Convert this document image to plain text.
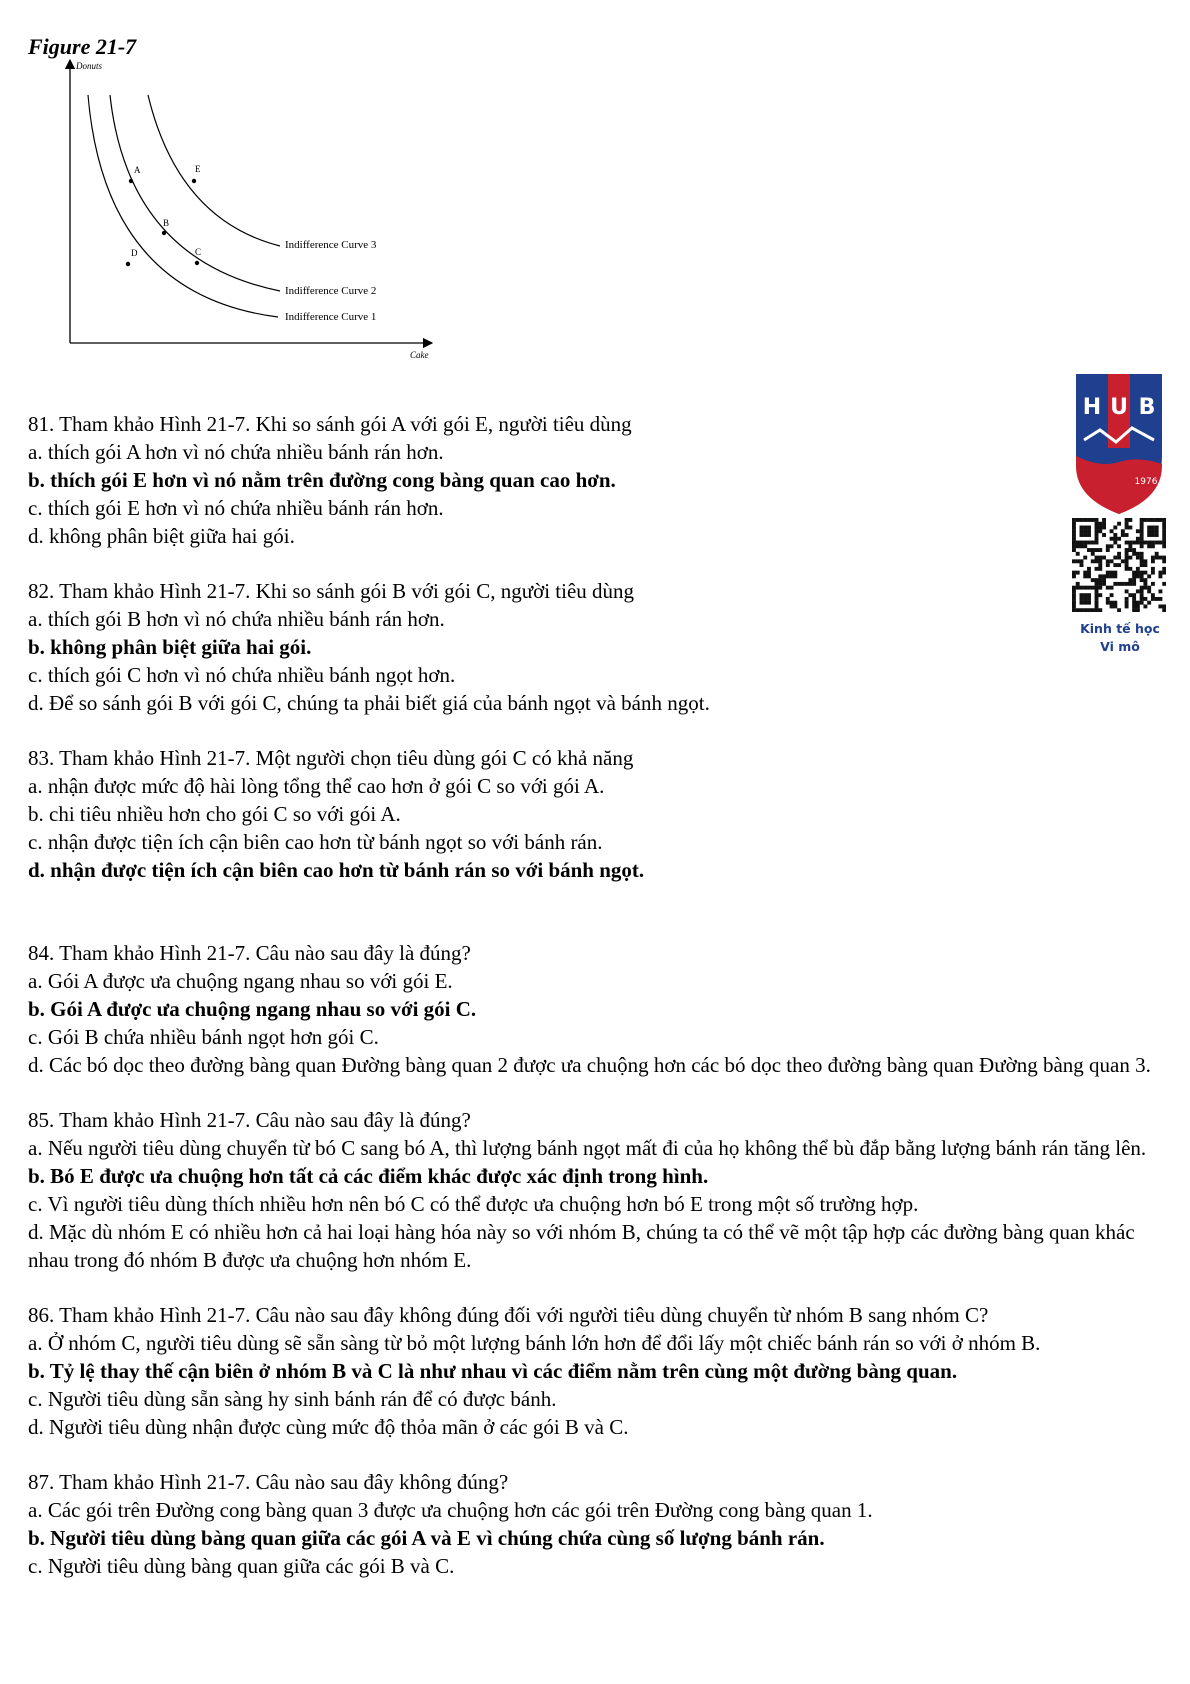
Figure 21-7
Donuts
Cake
A	E
B
D	C
Indifference Curve 3
Indifference Curve 2
Indifference Curve 1
H U B
1976
Kinh tế học
Vi mô

81. Tham khảo Hình 21-7. Khi so sánh gói A với gói E, người tiêu dùng

a. thích gói A hơn vì nó chứa nhiều bánh rán hơn.

b. thích gói E hơn vì nó nằm trên đường cong bàng quan cao hơn.

c. thích gói E hơn vì nó chứa nhiều bánh rán hơn.

d. không phân biệt giữa hai gói.

82. Tham khảo Hình 21-7. Khi so sánh gói B với gói C, người tiêu dùng

a. thích gói B hơn vì nó chứa nhiều bánh rán hơn.

b. không phân biệt giữa hai gói.

c. thích gói C hơn vì nó chứa nhiều bánh ngọt hơn.

d. Để so sánh gói B với gói C, chúng ta phải biết giá của bánh ngọt và bánh ngọt.

83. Tham khảo Hình 21-7. Một người chọn tiêu dùng gói C có khả năng

a. nhận được mức độ hài lòng tổng thể cao hơn ở gói C so với gói A.

b. chi tiêu nhiều hơn cho gói C so với gói A.

c. nhận được tiện ích cận biên cao hơn từ bánh ngọt so với bánh rán.

d. nhận được tiện ích cận biên cao hơn từ bánh rán so với bánh ngọt.

84. Tham khảo Hình 21-7. Câu nào sau đây là đúng?

a. Gói A được ưa chuộng ngang nhau so với gói E.

b. Gói A được ưa chuộng ngang nhau so với gói C.

c. Gói B chứa nhiều bánh ngọt hơn gói C.

d. Các bó dọc theo đường bàng quan Đường bàng quan 2 được ưa chuộng hơn các bó dọc theo đường bàng quan Đường bàng quan 3.

85. Tham khảo Hình 21-7. Câu nào sau đây là đúng?

a. Nếu người tiêu dùng chuyển từ bó C sang bó A, thì lượng bánh ngọt mất đi của họ không thể bù đắp bằng lượng bánh rán tăng lên.

b. Bó E được ưa chuộng hơn tất cả các điểm khác được xác định trong hình.

c. Vì người tiêu dùng thích nhiều hơn nên bó C có thể được ưa chuộng hơn bó E trong một số trường hợp.

d. Mặc dù nhóm E có nhiều hơn cả hai loại hàng hóa này so với nhóm B, chúng ta có thể vẽ một tập hợp các đường bàng quan khác nhau trong đó nhóm B được ưa chuộng hơn nhóm E.

86. Tham khảo Hình 21-7. Câu nào sau đây không đúng đối với người tiêu dùng chuyển từ nhóm B sang nhóm C?

a. Ở nhóm C, người tiêu dùng sẽ sẵn sàng từ bỏ một lượng bánh lớn hơn để đổi lấy một chiếc bánh rán so với ở nhóm B.

b. Tỷ lệ thay thế cận biên ở nhóm B và C là như nhau vì các điểm nằm trên cùng một đường bàng quan.

c. Người tiêu dùng sẵn sàng hy sinh bánh rán để có được bánh.

d. Người tiêu dùng nhận được cùng mức độ thỏa mãn ở các gói B và C.

87. Tham khảo Hình 21-7. Câu nào sau đây không đúng?

a. Các gói trên Đường cong bàng quan 3 được ưa chuộng hơn các gói trên Đường cong bàng quan 1.

b. Người tiêu dùng bàng quan giữa các gói A và E vì chúng chứa cùng số lượng bánh rán.

c. Người tiêu dùng bàng quan giữa các gói B và C.
